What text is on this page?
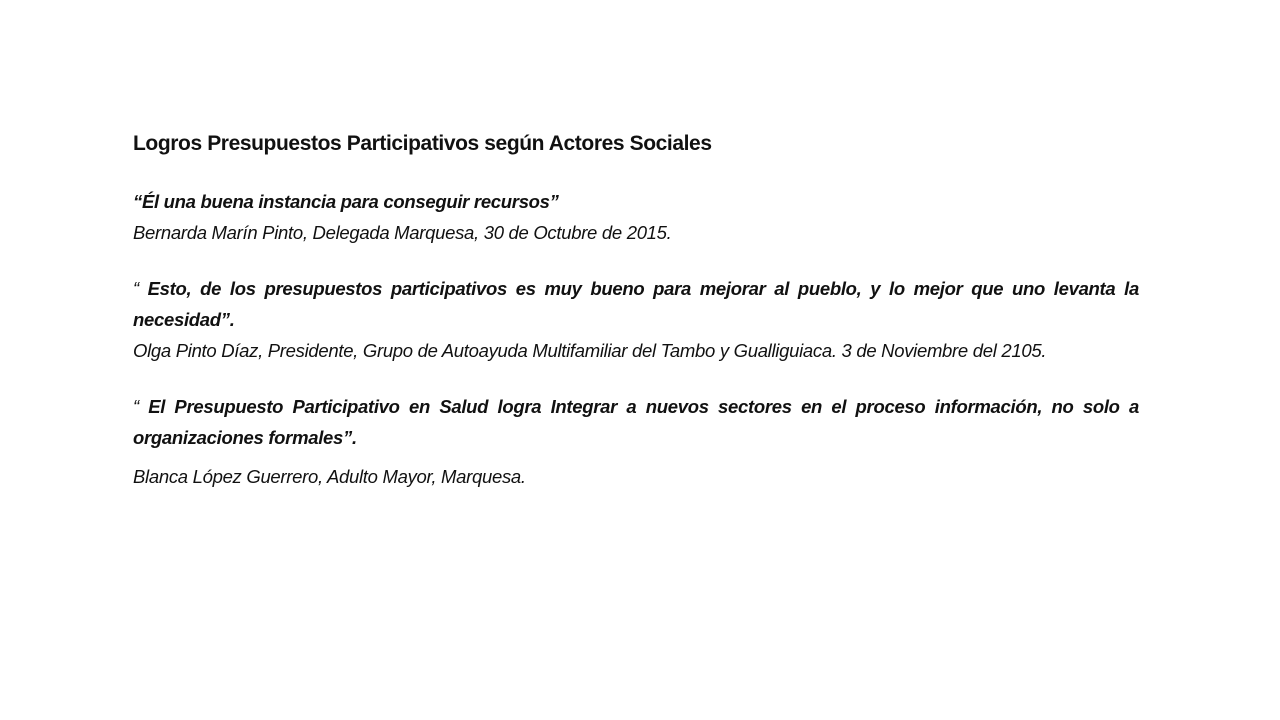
Logros Presupuestos Participativos según Actores Sociales

“Él una buena instancia para conseguir recursos”

Bernarda Marín Pinto, Delegada Marquesa, 30 de Octubre de 2015.

“ Esto, de los presupuestos participativos es muy bueno para mejorar al pueblo, y lo mejor que uno levanta la necesidad”.

Olga Pinto Díaz, Presidente, Grupo de Autoayuda Multifamiliar del Tambo y Gualliguiaca. 3 de Noviembre del 2105.

“ El Presupuesto Participativo en Salud logra Integrar a nuevos sectores en el proceso información, no solo a organizaciones formales”.

Blanca López Guerrero, Adulto Mayor, Marquesa.
